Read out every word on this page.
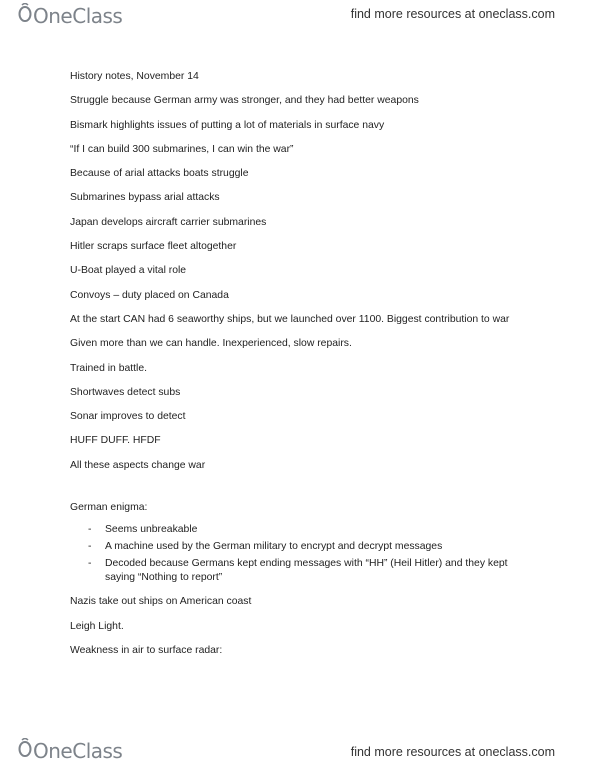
OneClass	find more resources at oneclass.com
History notes, November 14
Struggle because German army was stronger, and they had better weapons
Bismark highlights issues of putting a lot of materials in surface navy
“If I can build 300 submarines, I can win the war”
Because of arial attacks boats struggle
Submarines bypass arial attacks
Japan develops aircraft carrier submarines
Hitler scraps surface fleet altogether
U-Boat played a vital role
Convoys – duty placed on Canada
At the start CAN had 6 seaworthy ships, but we launched over 1100. Biggest contribution to war
Given more than we can handle. Inexperienced, slow repairs.
Trained in battle.
Shortwaves detect subs
Sonar improves to detect
HUFF DUFF. HFDF
All these aspects change war
German enigma:
- Seems unbreakable
- A machine used by the German military to encrypt and decrypt messages
- Decoded because Germans kept ending messages with “HH” (Heil Hitler) and they kept saying “Nothing to report”
Nazis take out ships on American coast
Leigh Light.
Weakness in air to surface radar:
OneClass	find more resources at oneclass.com
